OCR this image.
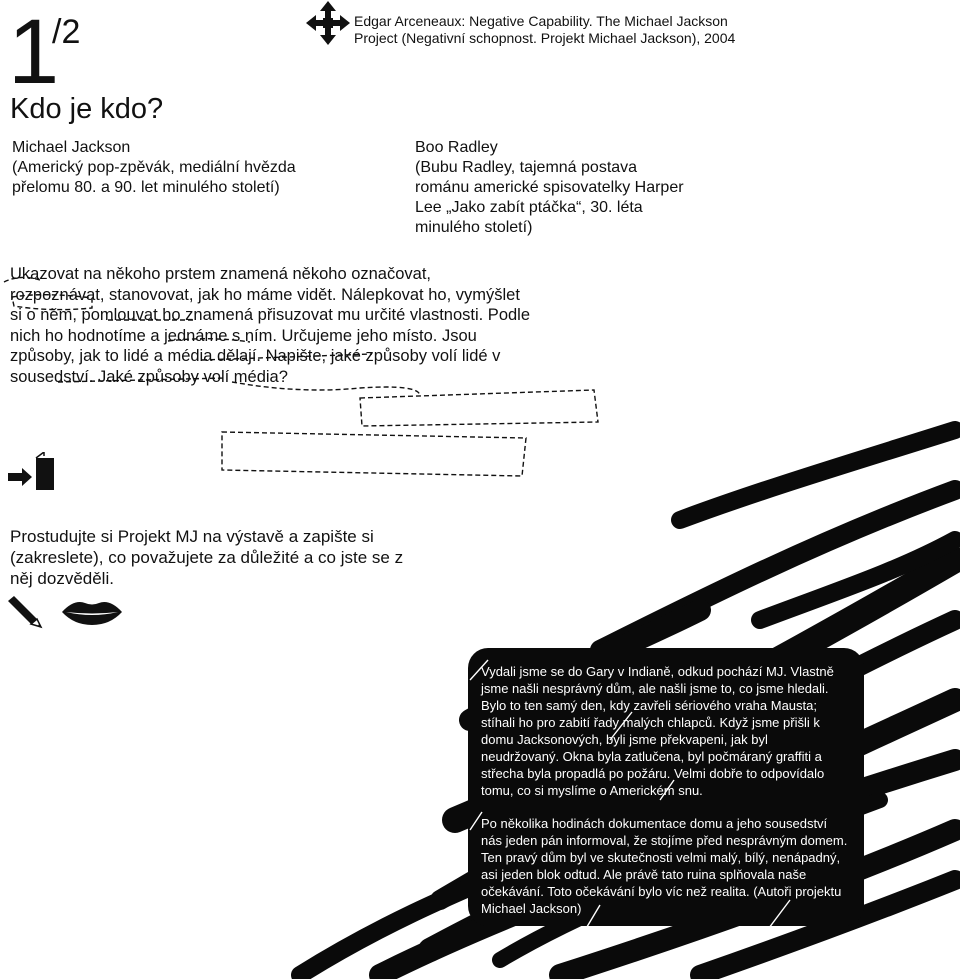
1
/2	Edgar Arceneaux: Negative Capability. The Michael Jackson Project (Negativní schopnost. Projekt Michael Jackson), 2004
Kdo je kdo?
Michael Jackson
(Americký pop-zpěvák, mediální hvězda přelomu 80. a 90. let minulého století)
Boo Radley
(Bubu Radley, tajemná postava románu americké spisovatelky Harper Lee „Jako zabít ptáčka“, 30. léta minulého století)
Ukazovat na někoho prstem znamená někoho označovat, rozpoznávat, stanovovat, jak ho máme vidět. Nálepkovat ho, vymýšlet si o něm, pomlouvat ho znamená přisuzovat mu určité vlastnosti. Podle nich ho hodnotíme a jednáme s ním. Určujeme jeho místo. Jsou způsoby, jak to lidé a média dělají. Napište, jaké způsoby volí lidé v sousedství. Jaké způsoby volí média?
Prostudujte si Projekt MJ na výstavě a zapište si (zakreslete), co považujete za důležité a co jste se z něj dozvěděli.

Vydali jsme se do Gary v Indianě, odkud pochází MJ. Vlastně jsme našli nesprávný dům, ale našli jsme to, co jsme hledali. Bylo to ten samý den, kdy zavřeli sériového vraha Mausta; stíhali ho pro zabití řady malých chlapců. Když jsme přišli k domu Jacksonových, byli jsme překvapeni, jak byl neudržovaný. Okna byla zatlučena, byl počmáraný graffiti a střecha byla propadlá po požáru. Velmi dobře to odpovídalo tomu, co si myslíme o Americkém snu.

Po několika hodinách dokumentace domu a jeho sousedství nás jeden pán informoval, že stojíme před nesprávným domem. Ten pravý dům byl ve skutečnosti velmi malý, bílý, nenápadný, asi jeden blok odtud. Ale právě tato ruina splňovala naše očekávání. Toto očekávání bylo víc než realita. (Autoři projektu Michael Jackson)
